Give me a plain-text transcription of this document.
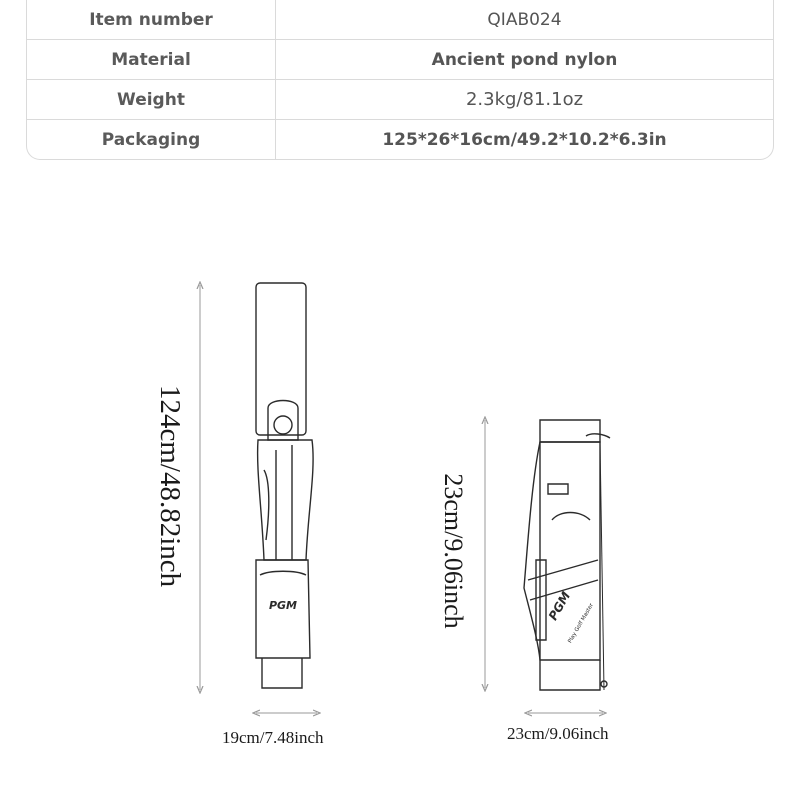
Item number	QIAB024
Material	Ancient pond nylon
Weight	2.3kg/81.1oz
Packaging	125*26*16cm/49.2*10.2*6.3in
PGM	PGM
Play Golf Master
124cm/48.82inch
19cm/7.48inch
23cm/9.06inch
23cm/9.06inch
